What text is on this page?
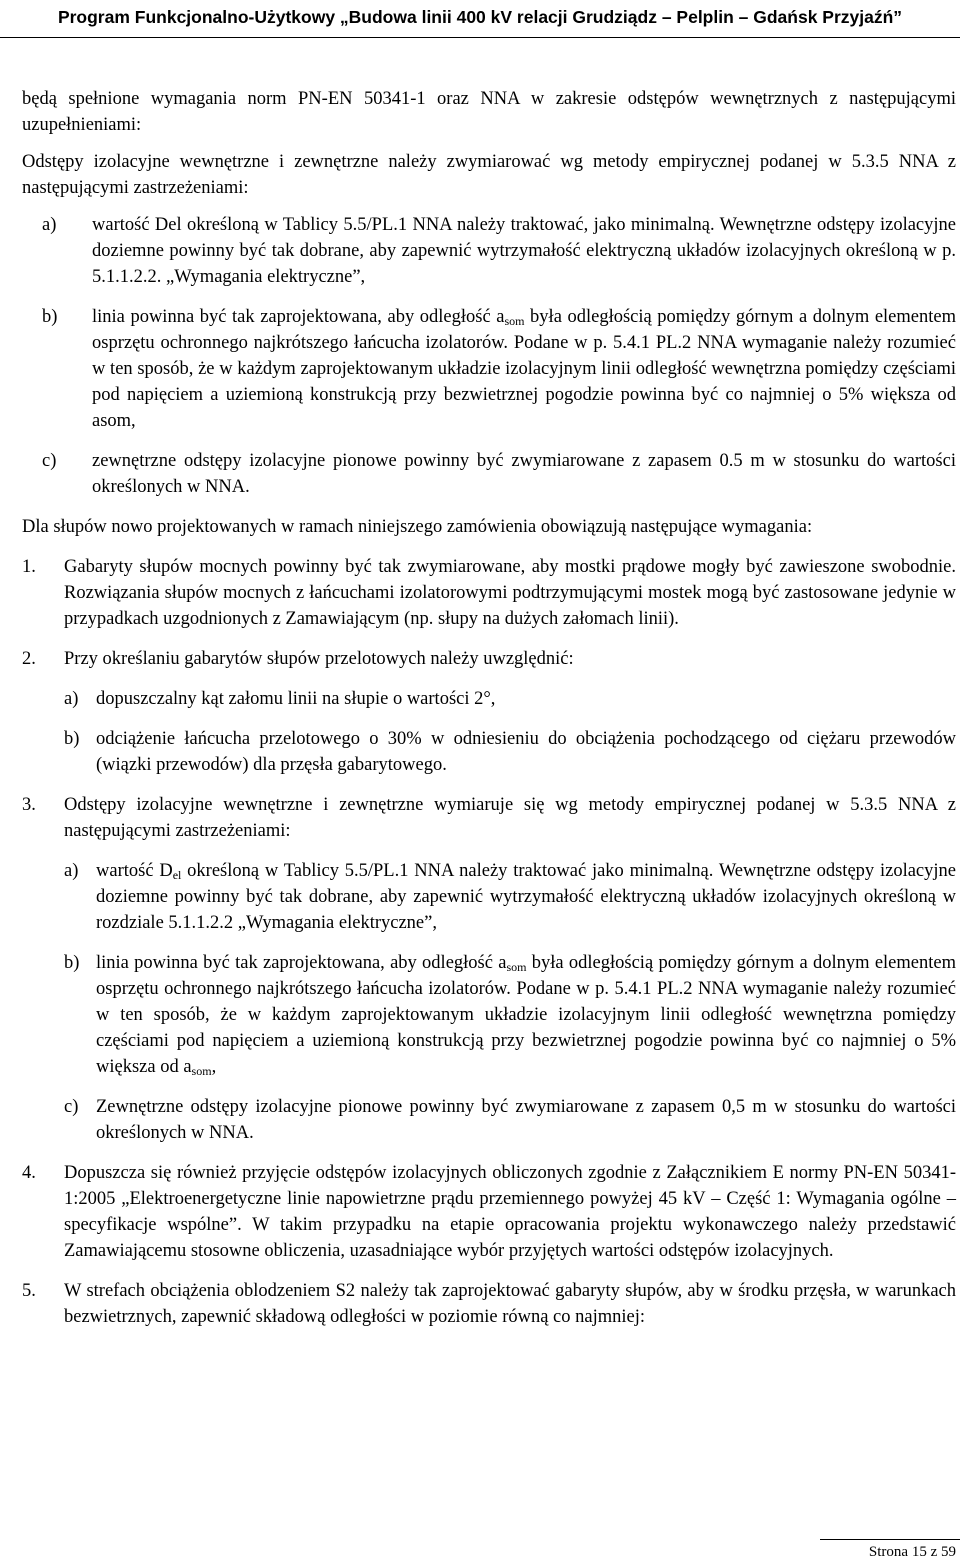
Program Funkcjonalno-Użytkowy „Budowa linii 400 kV relacji Grudziądz – Pelplin – Gdańsk Przyjaźń”

będą spełnione wymagania norm PN-EN 50341-1 oraz NNA w zakresie odstępów wewnętrznych z następującymi uzupełnieniami:

Odstępy izolacyjne wewnętrzne i zewnętrzne należy zwymiarować wg metody empirycznej podanej w 5.3.5 NNA z następującymi zastrzeżeniami:

a)	wartość Del określoną w Tablicy 5.5/PL.1 NNA należy traktować, jako minimalną. Wewnętrzne odstępy izolacyjne doziemne powinny być tak dobrane, aby zapewnić wytrzymałość elektryczną układów izolacyjnych określoną w p. 5.1.1.2.2. „Wymagania elektryczne”,
b)	linia powinna być tak zaprojektowana, aby odległość $a_{som}$ była odległością pomiędzy górnym a dolnym elementem osprzętu ochronnego najkrótszego łańcucha izolatorów. Podane w p. 5.4.1 PL.2 NNA wymaganie należy rozumieć w ten sposób, że w każdym zaprojektowanym układzie izolacyjnym linii odległość wewnętrzna pomiędzy częściami pod napięciem a uziemioną konstrukcją przy bezwietrznej pogodzie powinna być co najmniej o 5% większa od asom,
c)	zewnętrzne odstępy izolacyjne pionowe powinny być zwymiarowane z zapasem 0.5 m w stosunku do wartości określonych w NNA.

Dla słupów nowo projektowanych w ramach niniejszego zamówienia obowiązują następujące wymagania:

1.	Gabaryty słupów mocnych powinny być tak zwymiarowane, aby mostki prądowe mogły być zawieszone swobodnie. Rozwiązania słupów mocnych z łańcuchami izolatorowymi podtrzymującymi mostek mogą być zastosowane jedynie w przypadkach uzgodnionych z Zamawiającym (np. słupy na dużych załomach linii).
2.	Przy określaniu gabarytów słupów przelotowych należy uwzględnić:
a) dopuszczalny kąt załomu linii na słupie o wartości 2°,
b) odciążenie łańcucha przelotowego o 30% w odniesieniu do obciążenia pochodzącego od ciężaru przewodów (wiązki przewodów) dla przęsła gabarytowego.
3.	Odstępy izolacyjne wewnętrzne i zewnętrzne wymiaruje się wg metody empirycznej podanej w 5.3.5 NNA z następującymi zastrzeżeniami:
a) wartość $D_{el}$ określoną w Tablicy 5.5/PL.1 NNA należy traktować jako minimalną. Wewnętrzne odstępy izolacyjne doziemne powinny być tak dobrane, aby zapewnić wytrzymałość elektryczną układów izolacyjnych określoną w rozdziale 5.1.1.2.2 „Wymagania elektryczne”,
b) linia powinna być tak zaprojektowana, aby odległość $a_{som}$ była odległością pomiędzy górnym a dolnym elementem osprzętu ochronnego najkrótszego łańcucha izolatorów. Podane w p. 5.4.1 PL.2 NNA wymaganie należy rozumieć w ten sposób, że w każdym zaprojektowanym układzie izolacyjnym linii odległość wewnętrzna pomiędzy częściami pod napięciem a uziemioną konstrukcją przy bezwietrznej pogodzie powinna być co najmniej o 5% większa od $a_{som}$,
c) Zewnętrzne odstępy izolacyjne pionowe powinny być zwymiarowane z zapasem 0,5 m w stosunku do wartości określonych w NNA.
4.	Dopuszcza się również przyjęcie odstępów izolacyjnych obliczonych zgodnie z Załącznikiem E normy PN-EN 50341-1:2005 „Elektroenergetyczne linie napowietrzne prądu przemiennego powyżej 45 kV – Część 1: Wymagania ogólne – specyfikacje wspólne”. W takim przypadku na etapie opracowania projektu wykonawczego należy przedstawić Zamawiającemu stosowne obliczenia, uzasadniające wybór przyjętych wartości odstępów izolacyjnych.
5.	W strefach obciążenia oblodzeniem S2 należy tak zaprojektować gabaryty słupów, aby w środku przęsła, w warunkach bezwietrznych, zapewnić składową odległości w poziomie równą co najmniej:
Strona 15 z 59
